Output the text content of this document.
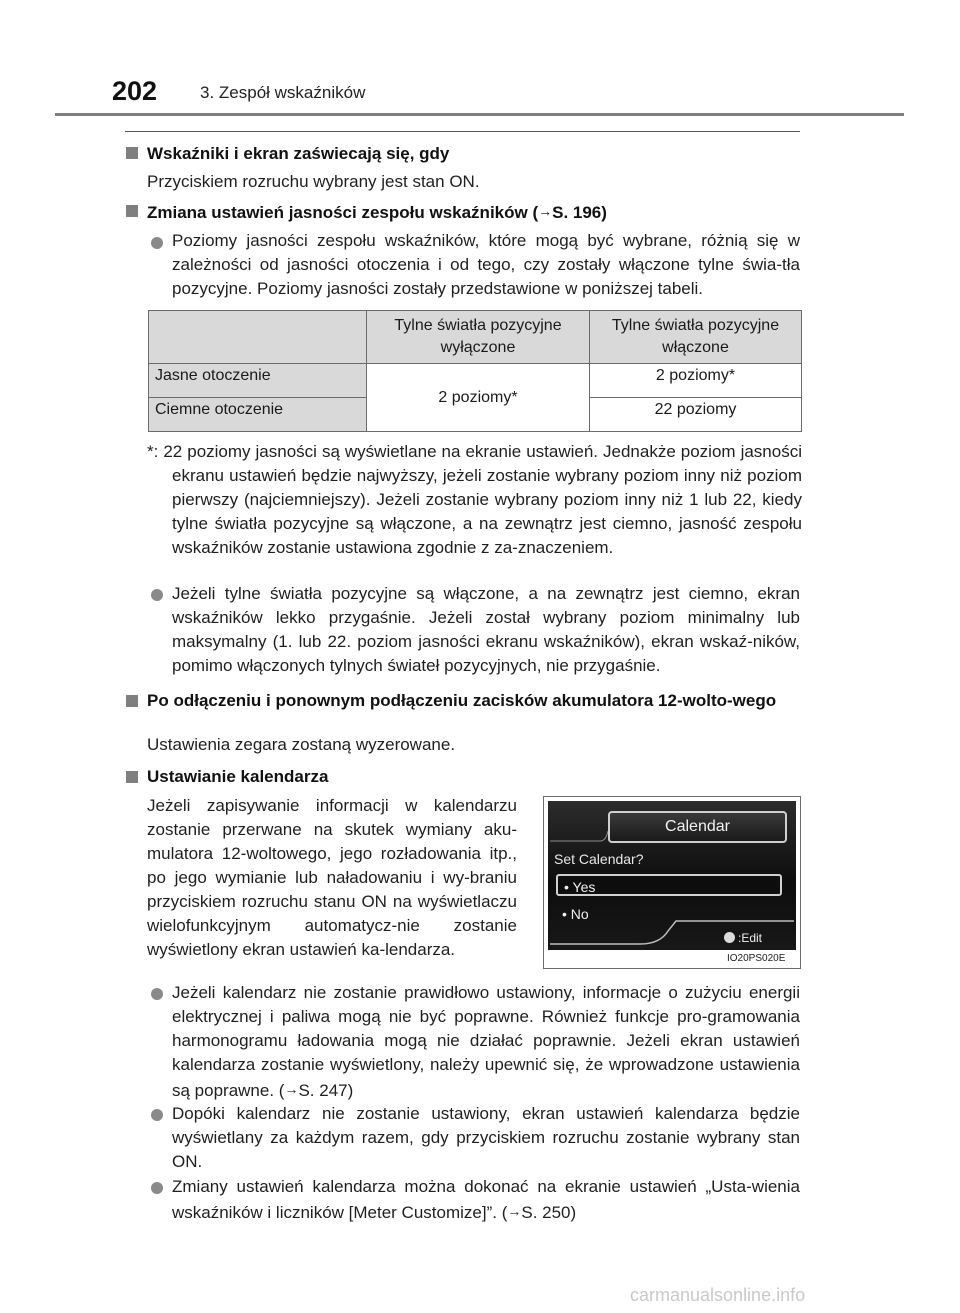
202	3. Zespół wskaźników
Wskaźniki i ekran zaświecają się, gdy
Przyciskiem rozruchu wybrany jest stan ON.
Zmiana ustawień jasności zespołu wskaźników (→S. 196)
Poziomy jasności zespołu wskaźników, które mogą być wybrane, różnią się w zależności od jasności otoczenia i od tego, czy zostały włączone tylne świa-tła pozycyjne. Poziomy jasności zostały przedstawione w poniższej tabeli.
	Tylne światła pozycyjne wyłączone	Tylne światła pozycyjne włączone
Jasne otoczenie	2 poziomy*	2 poziomy*
Ciemne otoczenie		22 poziomy
*: 22 poziomy jasności są wyświetlane na ekranie ustawień. Jednakże poziom jasności ekranu ustawień będzie najwyższy, jeżeli zostanie wybrany poziom inny niż poziom pierwszy (najciemniejszy). Jeżeli zostanie wybrany poziom inny niż 1 lub 22, kiedy tylne światła pozycyjne są włączone, a na zewnątrz jest ciemno, jasność zespołu wskaźników zostanie ustawiona zgodnie z za-znaczeniem.
Jeżeli tylne światła pozycyjne są włączone, a na zewnątrz jest ciemno, ekran wskaźników lekko przygaśnie. Jeżeli został wybrany poziom minimalny lub maksymalny (1. lub 22. poziom jasności ekranu wskaźników), ekran wskaź-ników, pomimo włączonych tylnych świateł pozycyjnych, nie przygaśnie.
Po odłączeniu i ponownym podłączeniu zacisków akumulatora 12-wolto-wego
Ustawienia zegara zostaną wyzerowane.
Ustawianie kalendarza
Jeżeli zapisywanie informacji w kalendarzu zostanie przerwane na skutek wymiany aku-mulatora 12-woltowego, jego rozładowania itp., po jego wymianie lub naładowaniu i wy-braniu przyciskiem rozruchu stanu ON na wyświetlaczu wielofunkcyjnym automatycz-nie zostanie wyświetlony ekran ustawień ka-lendarza.
Calendar
Set Calendar?
• Yes
• No
:Edit
IO20PS020E
Jeżeli kalendarz nie zostanie prawidłowo ustawiony, informacje o zużyciu energii elektrycznej i paliwa mogą nie być poprawne. Również funkcje pro-gramowania harmonogramu ładowania mogą nie działać poprawnie. Jeżeli ekran ustawień kalendarza zostanie wyświetlony, należy upewnić się, że wprowadzone ustawienia są poprawne. (→S. 247)
Dopóki kalendarz nie zostanie ustawiony, ekran ustawień kalendarza będzie wyświetlany za każdym razem, gdy przyciskiem rozruchu zostanie wybrany stan ON.
Zmiany ustawień kalendarza można dokonać na ekranie ustawień „Usta-wienia wskaźników i liczników [Meter Customize]”. (→S. 250)
carmanualsonline.info
